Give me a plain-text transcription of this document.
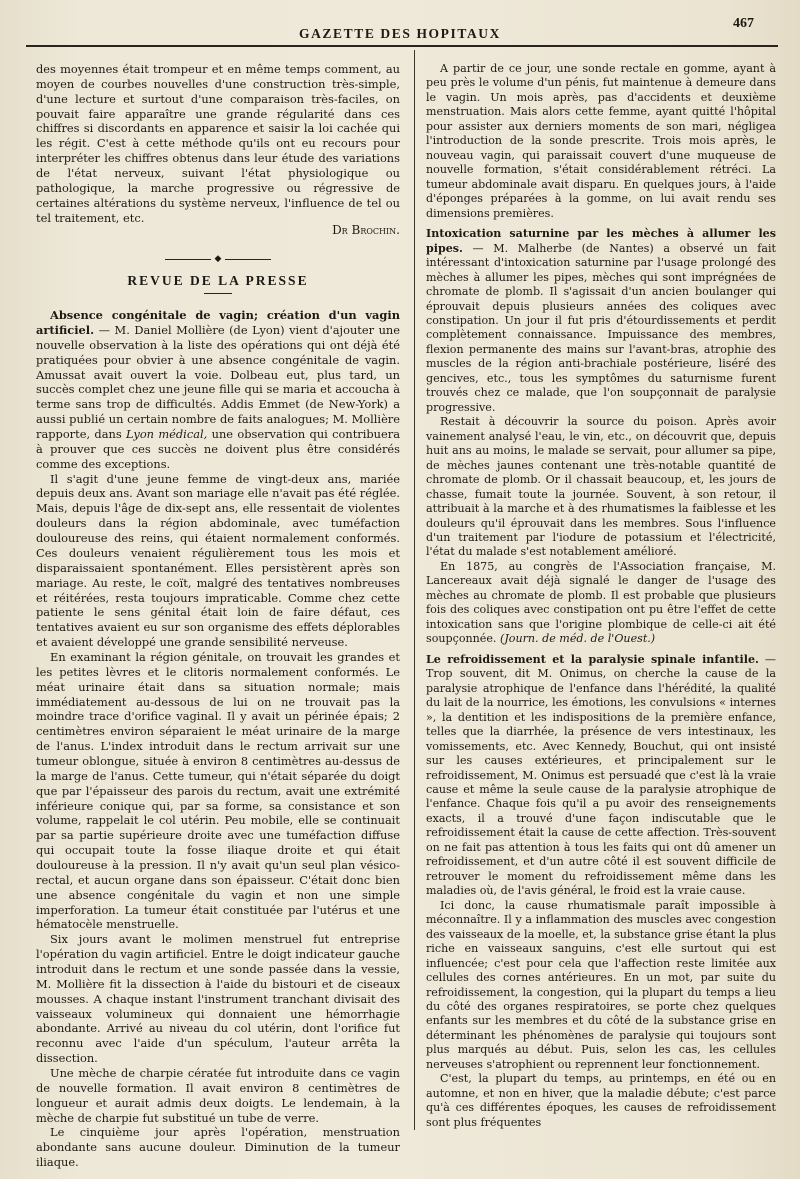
GAZETTE DES HOPITAUX
467

des moyennes était trompeur et en même temps comment, au moyen de courbes nouvelles d'une construction très-simple, d'une lecture et surtout d'une comparaison très-faciles, on pouvait faire apparaître une grande régularité dans ces chiffres si discordants en apparence et saisir la loi cachée qui les régit. C'est à cette méthode qu'ils ont eu recours pour interpréter les chiffres obtenus dans leur étude des variations de l'état nerveux, suivant l'état physiologique ou pathologique, la marche progressive ou régressive de certaines altérations du système nerveux, l'influence de tel ou tel traitement, etc.

Dr Brochin.
◆
REVUE DE LA PRESSE

Absence congénitale de vagin; création d'un vagin artificiel. — M. Daniel Mollière (de Lyon) vient d'ajouter une nouvelle observation à la liste des opérations qui ont déjà été pratiquées pour obvier à une absence congénitale de vagin. Amussat avait ouvert la voie. Dolbeau eut, plus tard, un succès complet chez une jeune fille qui se maria et accoucha à terme sans trop de difficultés. Addis Emmet (de New-York) a aussi publié un certain nombre de faits analogues; M. Mollière rapporte, dans Lyon médical, une observation qui contribuera à prouver que ces succès ne doivent plus être considérés comme des exceptions.

Il s'agit d'une jeune femme de vingt-deux ans, mariée depuis deux ans. Avant son mariage elle n'avait pas été réglée. Mais, depuis l'âge de dix-sept ans, elle ressentait de violentes douleurs dans la région abdominale, avec tuméfaction douloureuse des reins, qui étaient normalement conformés. Ces douleurs venaient régulièrement tous les mois et disparaissaient spontanément. Elles persistèrent après son mariage. Au reste, le coït, malgré des tentatives nombreuses et réitérées, resta toujours impraticable. Comme chez cette patiente le sens génital était loin de faire défaut, ces tentatives avaient eu sur son organisme des effets déplorables et avaient développé une grande sensibilité nerveuse.

En examinant la région génitale, on trouvait les grandes et les petites lèvres et le clitoris normalement conformés. Le méat urinaire était dans sa situation normale; mais immédiatement au-dessous de lui on ne trouvait pas la moindre trace d'orifice vaginal. Il y avait un périnée épais; 2 centimètres environ séparaient le méat urinaire de la marge de l'anus. L'index introduit dans le rectum arrivait sur une tumeur oblongue, située à environ 8 centimètres au-dessus de la marge de l'anus. Cette tumeur, qui n'était séparée du doigt que par l'épaisseur des parois du rectum, avait une extrémité inférieure conique qui, par sa forme, sa consistance et son volume, rappelait le col utérin. Peu mobile, elle se continuait par sa partie supérieure droite avec une tuméfaction diffuse qui occupait toute la fosse iliaque droite et qui était douloureuse à la pression. Il n'y avait qu'un seul plan vésico-rectal, et aucun organe dans son épaisseur. C'était donc bien une absence congénitale du vagin et non une simple imperforation. La tumeur était constituée par l'utérus et une hématocèle menstruelle.

Six jours avant le molimen menstruel fut entreprise l'opération du vagin artificiel. Entre le doigt indicateur gauche introduit dans le rectum et une sonde passée dans la vessie, M. Mollière fit la dissection à l'aide du bistouri et de ciseaux mousses. A chaque instant l'instrument tranchant divisait des vaisseaux volumineux qui donnaient une hémorrhagie abondante. Arrivé au niveau du col utérin, dont l'orifice fut reconnu avec l'aide d'un spéculum, l'auteur arrêta la dissection.

Une mèche de charpie cératée fut introduite dans ce vagin de nouvelle formation. Il avait environ 8 centimètres de longueur et aurait admis deux doigts. Le lendemain, à la mèche de charpie fut substitué un tube de verre.

Le cinquième jour après l'opération, menstruation abondante sans aucune douleur. Diminution de la tumeur iliaque.

A partir de ce jour, une sonde rectale en gomme, ayant à peu près le volume d'un pénis, fut maintenue à demeure dans le vagin. Un mois après, pas d'accidents et deuxième menstruation. Mais alors cette femme, ayant quitté l'hôpital pour assister aux derniers moments de son mari, négligea l'introduction de la sonde prescrite. Trois mois après, le nouveau vagin, qui paraissait couvert d'une muqueuse de nouvelle formation, s'était considérablement rétréci. La tumeur abdominale avait disparu. En quelques jours, à l'aide d'éponges préparées à la gomme, on lui avait rendu ses dimensions premières.

Intoxication saturnine par les mèches à allumer les pipes. — M. Malherbe (de Nantes) a observé un fait intéressant d'intoxication saturnine par l'usage prolongé des mèches à allumer les pipes, mèches qui sont imprégnées de chromate de plomb. Il s'agissait d'un ancien boulanger qui éprouvait depuis plusieurs années des coliques avec constipation. Un jour il fut pris d'étourdissements et perdit complètement connaissance. Impuissance des membres, flexion permanente des mains sur l'avant-bras, atrophie des muscles de la région anti-brachiale postérieure, liséré des gencives, etc., tous les symptômes du saturnisme furent trouvés chez ce malade, que l'on soupçonnait de paralysie progressive.

Restait à découvrir la source du poison. Après avoir vainement analysé l'eau, le vin, etc., on découvrit que, depuis huit ans au moins, le malade se servait, pour allumer sa pipe, de mèches jaunes contenant une très-notable quantité de chromate de plomb. Or il chassait beaucoup, et, les jours de chasse, fumait toute la journée. Souvent, à son retour, il attribuait à la marche et à des rhumatismes la faiblesse et les douleurs qu'il éprouvait dans les membres. Sous l'influence d'un traitement par l'iodure de potassium et l'électricité, l'état du malade s'est notablement amélioré.

En 1875, au congrès de l'Association française, M. Lancereaux avait déjà signalé le danger de l'usage des mèches au chromate de plomb. Il est probable que plusieurs fois des coliques avec constipation ont pu être l'effet de cette intoxication sans que l'origine plombique de celle-ci ait été soupçonnée. (Journ. de méd. de l'Ouest.)

Le refroidissement et la paralysie spinale infantile. — Trop souvent, dit M. Onimus, on cherche la cause de la paralysie atrophique de l'enfance dans l'hérédité, la qualité du lait de la nourrice, les émotions, les convulsions « internes », la dentition et les indispositions de la première enfance, telles que la diarrhée, la présence de vers intestinaux, les vomissements, etc. Avec Kennedy, Bouchut, qui ont insisté sur les causes extérieures, et principalement sur le refroidissement, M. Onimus est persuadé que c'est là la vraie cause et même la seule cause de la paralysie atrophique de l'enfance. Chaque fois qu'il a pu avoir des renseignements exacts, il a trouvé d'une façon indiscutable que le refroidissement était la cause de cette affection. Très-souvent on ne fait pas attention à tous les faits qui ont dû amener un refroidissement, et d'un autre côté il est souvent difficile de retrouver le moment du refroidissement même dans les maladies où, de l'avis général, le froid est la vraie cause.

Ici donc, la cause rhumatismale paraît impossible à méconnaître. Il y a inflammation des muscles avec congestion des vaisseaux de la moelle, et, la substance grise étant la plus riche en vaisseaux sanguins, c'est elle surtout qui est influencée; c'est pour cela que l'affection reste limitée aux cellules des cornes antérieures. En un mot, par suite du refroidissement, la congestion, qui la plupart du temps a lieu du côté des organes respiratoires, se porte chez quelques enfants sur les membres et du côté de la substance grise en déterminant les phénomènes de paralysie qui toujours sont plus marqués au début. Puis, selon les cas, les cellules nerveuses s'atrophient ou reprennent leur fonctionnement.

C'est, la plupart du temps, au printemps, en été ou en automne, et non en hiver, que la maladie débute; c'est parce qu'à ces différentes époques, les causes de refroidissement sont plus fréquentes
